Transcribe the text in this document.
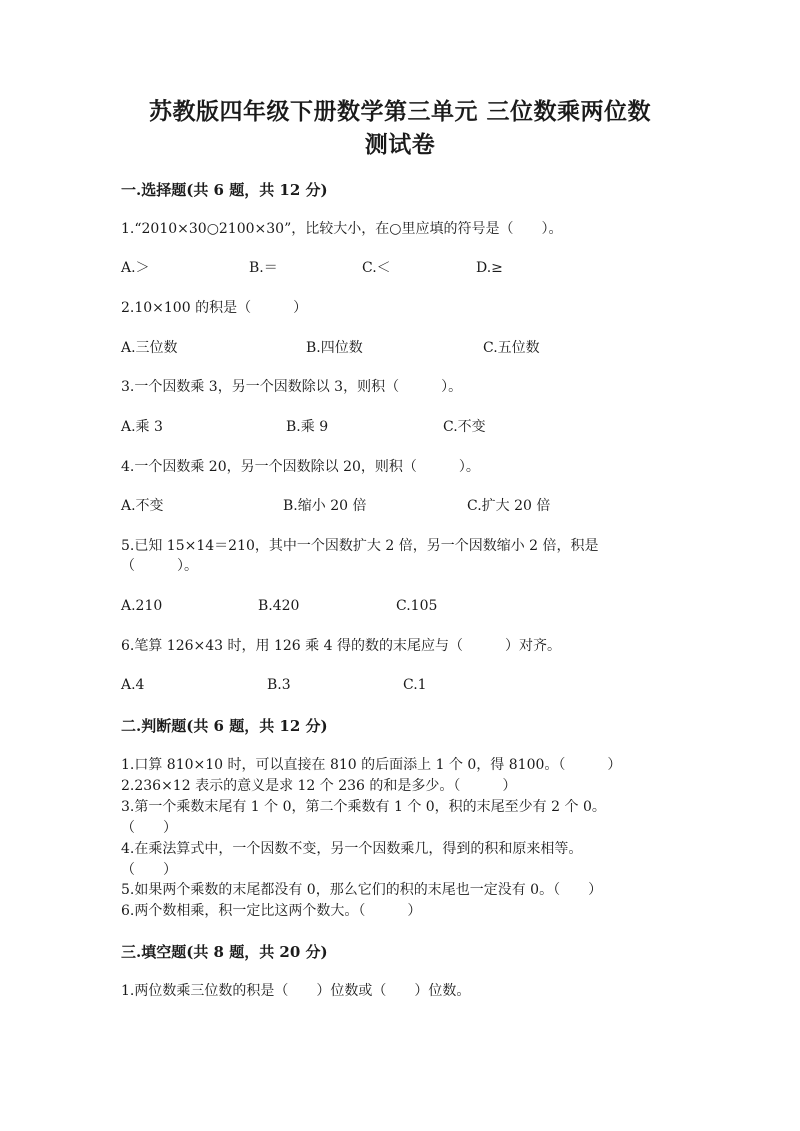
苏教版四年级下册数学第三单元 三位数乘两位数
测试卷
一.选择题(共 6 题，共 12 分)
1.“2010×30○2100×30”，比较大小，在○里应填的符号是（　　）。
A.＞	B.＝	C.＜	D.≥
2.10×100 的积是（　　　）
A.三位数	B.四位数	C.五位数
3.一个因数乘 3，另一个因数除以 3，则积（　　　）。
A.乘 3	B.乘 9	C.不变
4.一个因数乘 20，另一个因数除以 20，则积（　　　）。
A.不变	B.缩小 20 倍	C.扩大 20 倍
5.已知 15×14＝210，其中一个因数扩大 2 倍，另一个因数缩小 2 倍，积是
（　　　）。
A.210	B.420	C.105
6.笔算 126×43 时，用 126 乘 4 得的数的末尾应与（　　　）对齐。
A.4	B.3	C.1
二.判断题(共 6 题，共 12 分)
1.口算 810×10 时，可以直接在 810 的后面添上 1 个 0，得 8100。（　　　）
2.236×12 表示的意义是求 12 个 236 的和是多少。（　　　）
3.第一个乘数末尾有 1 个 0，第二个乘数有 1 个 0，积的末尾至少有 2 个 0。
（　　）
4.在乘法算式中，一个因数不变，另一个因数乘几，得到的积和原来相等。
（　　）
5.如果两个乘数的末尾都没有 0，那么它们的积的末尾也一定没有 0。（　　）
6.两个数相乘，积一定比这两个数大。（　　　）
三.填空题(共 8 题，共 20 分)
1.两位数乘三位数的积是（　　）位数或（　　）位数。
